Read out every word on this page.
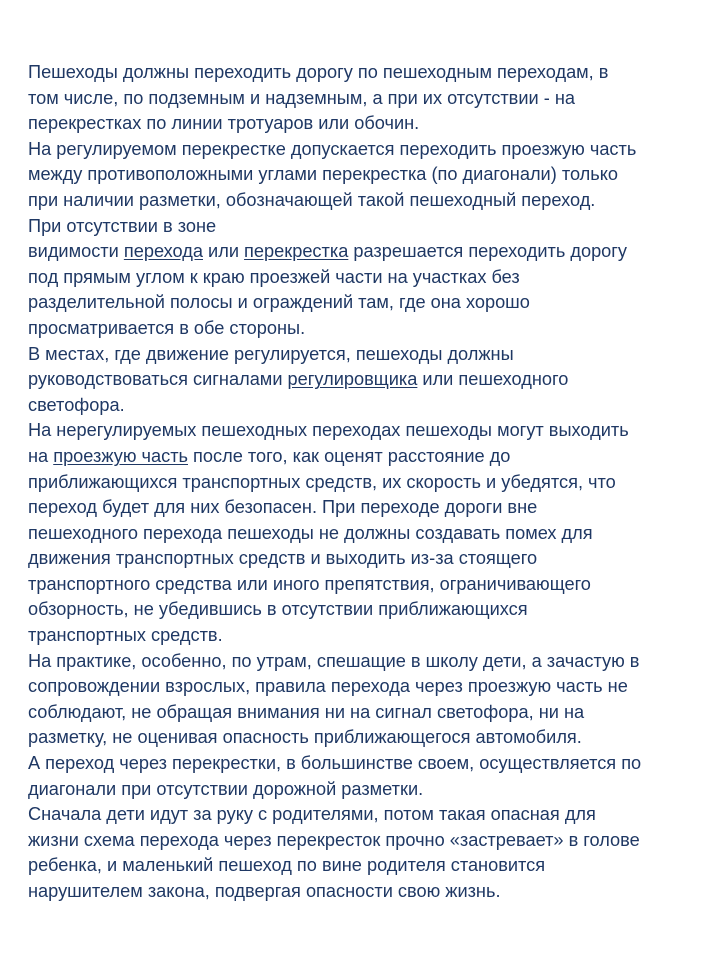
Пешеходы должны переходить дорогу по пешеходным переходам, в
том числе, по подземным и надземным, а при их отсутствии - на
перекрестках по линии тротуаров или обочин.
На регулируемом перекрестке допускается переходить проезжую часть
между противоположными углами перекрестка (по диагонали) только
при наличии разметки, обозначающей такой пешеходный переход.
При отсутствии в зоне
видимости перехода или перекрестка разрешается переходить дорогу
под прямым углом к краю проезжей части на участках без
разделительной полосы и ограждений там, где она хорошо
просматривается в обе стороны.
В местах, где движение регулируется, пешеходы должны
руководствоваться сигналами регулировщика или пешеходного
светофора.
На нерегулируемых пешеходных переходах пешеходы могут выходить
на проезжую часть после того, как оценят расстояние до
приближающихся транспортных средств, их скорость и убедятся, что
переход будет для них безопасен. При переходе дороги вне
пешеходного перехода пешеходы не должны создавать помех для
движения транспортных средств и выходить из-за стоящего
транспортного средства или иного препятствия, ограничивающего
обзорность, не убедившись в отсутствии приближающихся
транспортных средств.
На практике, особенно, по утрам, спешащие в школу дети, а зачастую в
сопровождении взрослых, правила перехода через проезжую часть не
соблюдают, не обращая внимания ни на сигнал светофора, ни на
разметку, не оценивая опасность приближающегося автомобиля.
А переход через перекрестки, в большинстве своем, осуществляется по
диагонали при отсутствии дорожной разметки.
Сначала дети идут за руку с родителями, потом такая опасная для
жизни схема перехода через перекресток прочно «застревает» в голове
ребенка, и маленький пешеход по вине родителя становится
нарушителем закона, подвергая опасности свою жизнь.
